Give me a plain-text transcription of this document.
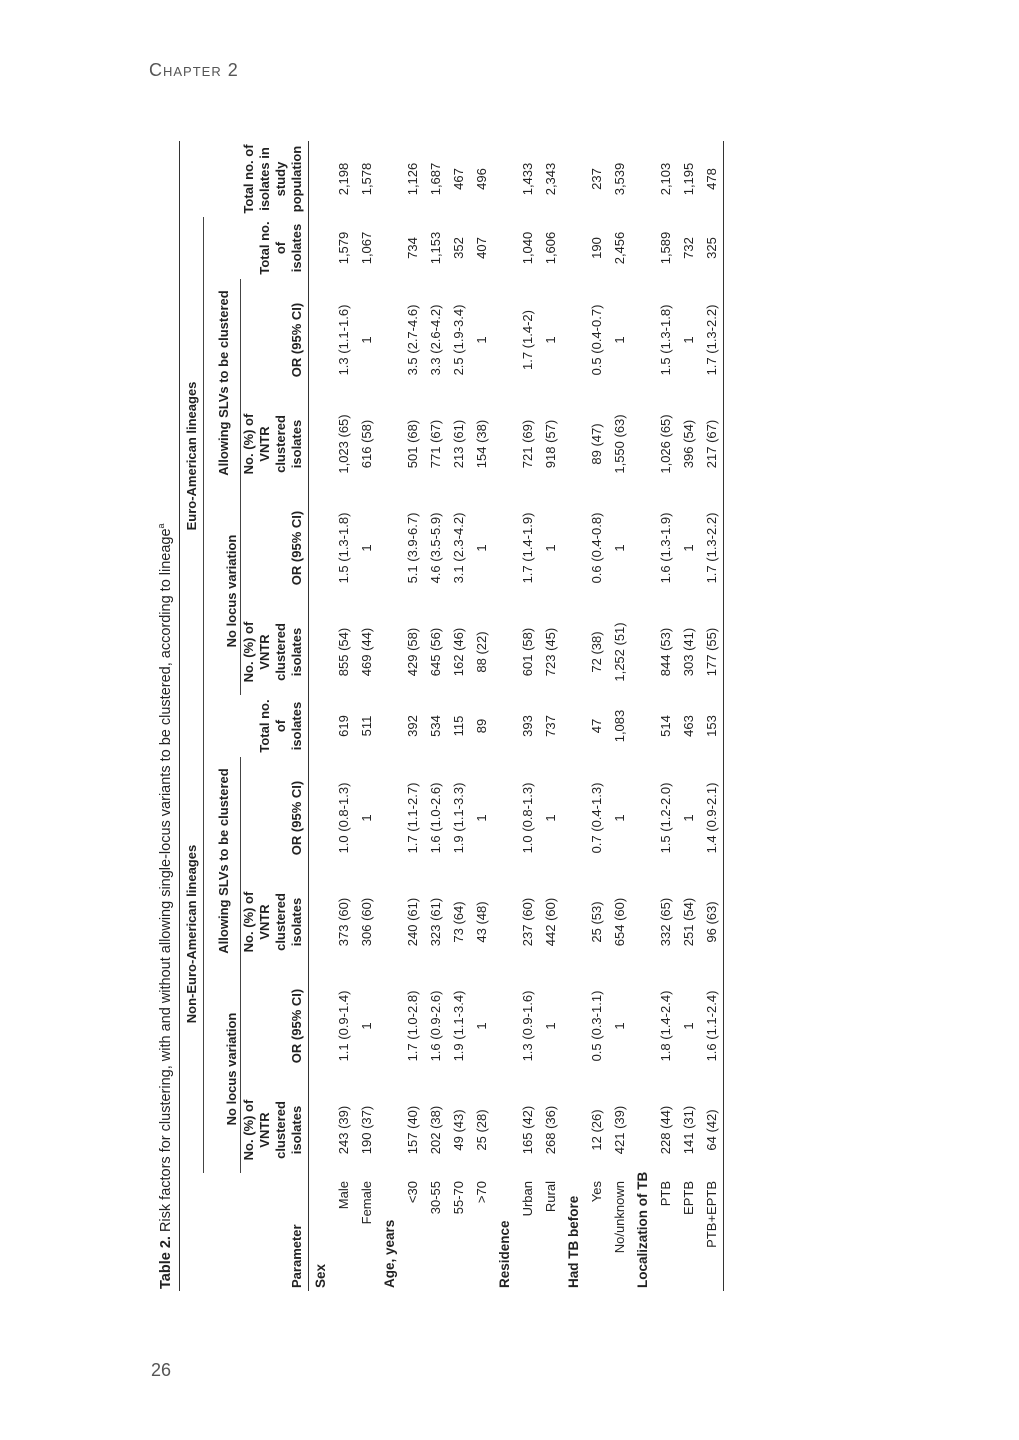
Chapter 2
Table 2. Risk factors for clustering, with and without allowing single-locus variants to be clustered, according to lineage$^a$
Parameter	Non-Euro-American lineages					Euro-American lineages					Total no. of isolates in study population
	No locus variation		Allowing SLVs to be clustered			No locus variation		Allowing SLVs to be clustered			
	No. (%) of VNTR clustered isolates	OR (95% CI)	No. (%) of VNTR clustered isolates	OR (95% CI)	Total no. of isolates	No. (%) of VNTR clustered isolates	OR (95% CI)	No. (%) of VNTR clustered isolates	OR (95% CI)	Total no. of isolates	
Sex											
Male	243 (39)	1.1 (0.9-1.4)	373 (60)	1.0 (0.8-1.3)	619	855 (54)	1.5 (1.3-1.8)	1,023 (65)	1.3 (1.1-1.6)	1,579	2,198
Female	190 (37)	1	306 (60)	1	511	469 (44)	1	616 (58)	1	1,067	1,578
Age, years											
<30	157 (40)	1.7 (1.0-2.8)	240 (61)	1.7 (1.1-2.7)	392	429 (58)	5.1 (3.9-6.7)	501 (68)	3.5 (2.7-4.6)	734	1,126
30-55	202 (38)	1.6 (0.9-2.6)	323 (61)	1.6 (1.0-2.6)	534	645 (56)	4.6 (3.5-5.9)	771 (67)	3.3 (2.6-4.2)	1,153	1,687
55-70	49 (43)	1.9 (1.1-3.4)	73 (64)	1.9 (1.1-3.3)	115	162 (46)	3.1 (2.3-4.2)	213 (61)	2.5 (1.9-3.4)	352	467
>70	25 (28)	1	43 (48)	1	89	88 (22)	1	154 (38)	1	407	496
Residence											
Urban	165 (42)	1.3 (0.9-1.6)	237 (60)	1.0 (0.8-1.3)	393	601 (58)	1.7 (1.4-1.9)	721 (69)	1.7 (1.4-2)	1,040	1,433
Rural	268 (36)	1	442 (60)	1	737	723 (45)	1	918 (57)	1	1,606	2,343
Had TB before											
Yes	12 (26)	0.5 (0.3-1.1)	25 (53)	0.7 (0.4-1.3)	47	72 (38)	0.6 (0.4-0.8)	89 (47)	0.5 (0.4-0.7)	190	237
No/unknown	421 (39)	1	654 (60)	1	1,083	1,252 (51)	1	1,550 (63)	1	2,456	3,539
Localization of TB											
PTB	228 (44)	1.8 (1.4-2.4)	332 (65)	1.5 (1.2-2.0)	514	844 (53)	1.6 (1.3-1.9)	1,026 (65)	1.5 (1.3-1.8)	1,589	2,103
EPTB	141 (31)	1	251 (54)	1	463	303 (41)	1	396 (54)	1	732	1,195
PTB+EPTB	64 (42)	1.6 (1.1-2.4)	96 (63)	1.4 (0.9-2.1)	153	177 (55)	1.7 (1.3-2.2)	217 (67)	1.7 (1.3-2.2)	325	478
26
